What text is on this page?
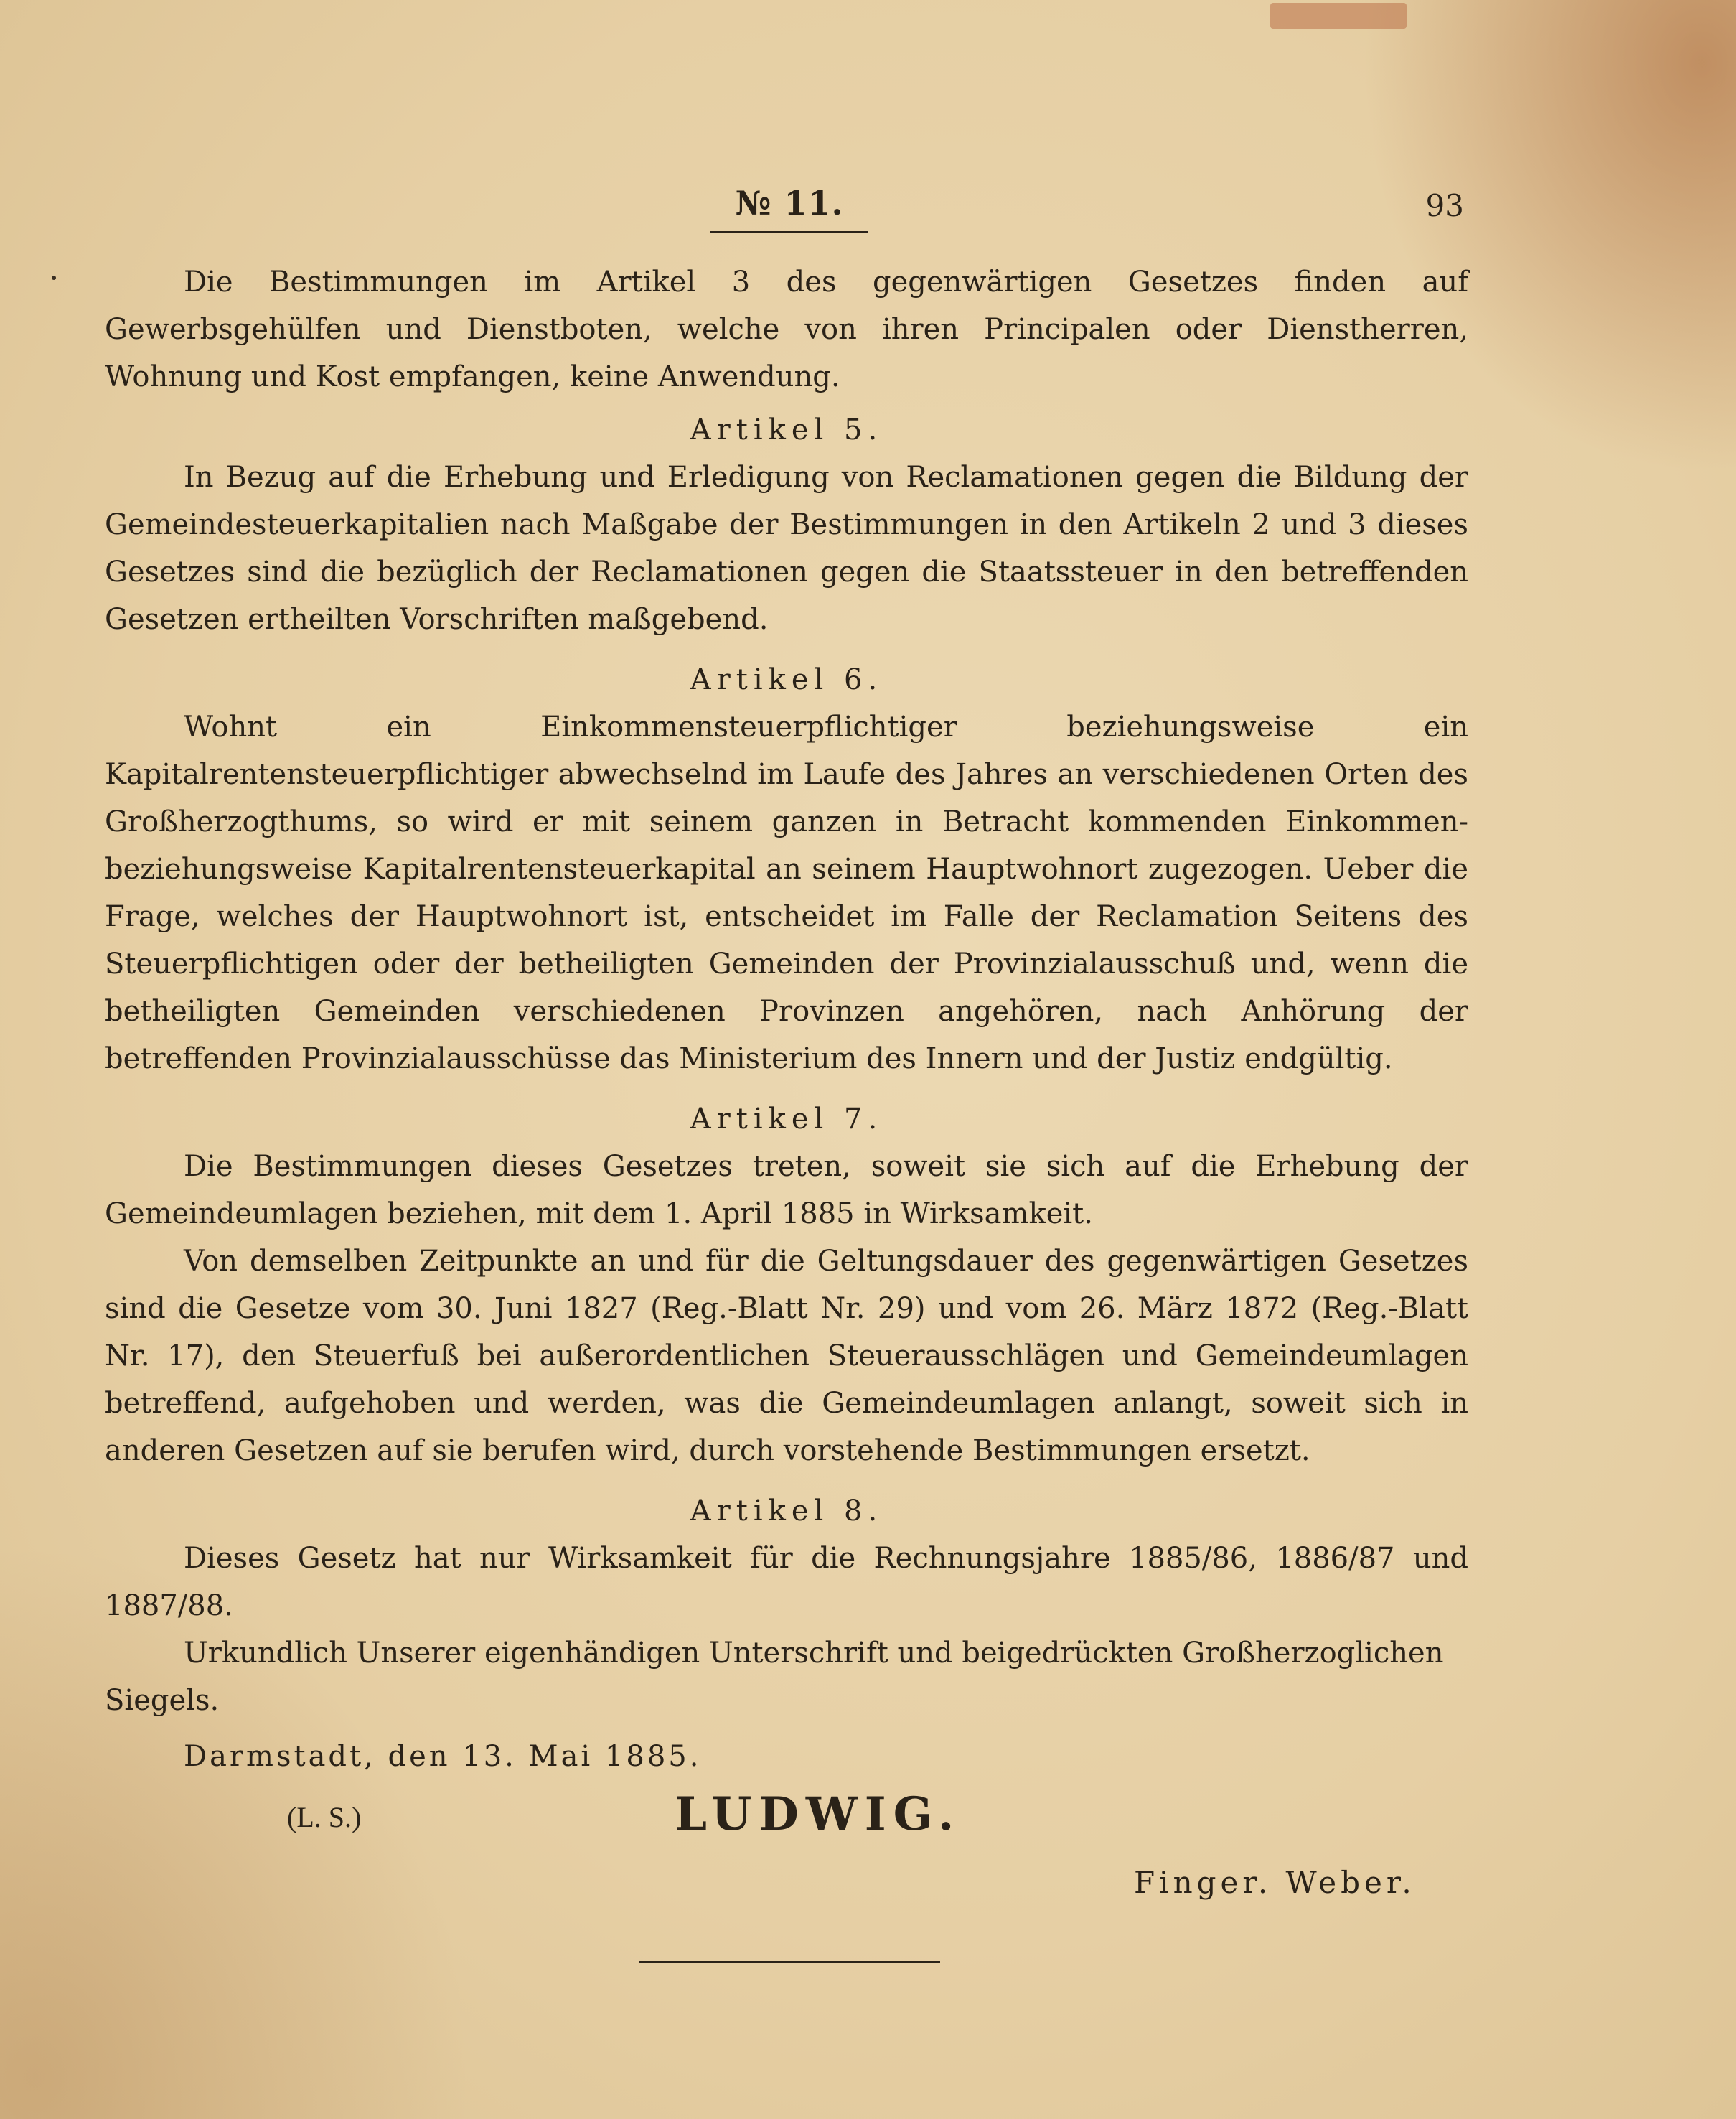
№ 11.	93

Die Bestimmungen im Artikel 3 des gegenwärtigen Gesetzes finden auf Gewerbsgehülfen und Dienstboten, welche von ihren Principalen oder Dienstherren, Wohnung und Kost empfangen, keine Anwendung.

Artikel 5.

In Bezug auf die Erhebung und Erledigung von Reclamationen gegen die Bildung der Gemeindesteuerkapitalien nach Maßgabe der Bestimmungen in den Artikeln 2 und 3 dieses Gesetzes sind die bezüglich der Reclamationen gegen die Staatssteuer in den betreffenden Gesetzen ertheilten Vorschriften maßgebend.

Artikel 6.

Wohnt ein Einkommensteuerpflichtiger beziehungsweise ein Kapitalrentensteuerpflichtiger abwechselnd im Laufe des Jahres an verschiedenen Orten des Großherzogthums, so wird er mit seinem ganzen in Betracht kommenden Einkommen- beziehungsweise Kapitalrentensteuerkapital an seinem Hauptwohnort zugezogen. Ueber die Frage, welches der Hauptwohnort ist, entscheidet im Falle der Reclamation Seitens des Steuerpflichtigen oder der betheiligten Gemeinden der Provinzialausschuß und, wenn die betheiligten Gemeinden verschiedenen Provinzen angehören, nach Anhörung der betreffenden Provinzialausschüsse das Ministerium des Innern und der Justiz endgültig.

Artikel 7.

Die Bestimmungen dieses Gesetzes treten, soweit sie sich auf die Erhebung der Gemeindeumlagen beziehen, mit dem 1. April 1885 in Wirksamkeit.

Von demselben Zeitpunkte an und für die Geltungsdauer des gegenwärtigen Gesetzes sind die Gesetze vom 30. Juni 1827 (Reg.-Blatt Nr. 29) und vom 26. März 1872 (Reg.-Blatt Nr. 17), den Steuerfuß bei außerordentlichen Steuerausschlägen und Gemeindeumlagen betreffend, aufgehoben und werden, was die Gemeindeumlagen anlangt, soweit sich in anderen Gesetzen auf sie berufen wird, durch vorstehende Bestimmungen ersetzt.

Artikel 8.

Dieses Gesetz hat nur Wirksamkeit für die Rechnungsjahre 1885/86, 1886/87 und 1887/88.

Urkundlich Unserer eigenhändigen Unterschrift und beigedrückten Großherzoglichen Siegels.

Darmstadt, den 13. Mai 1885.

(L. S.)	LUDWIG.
Finger. Weber.
